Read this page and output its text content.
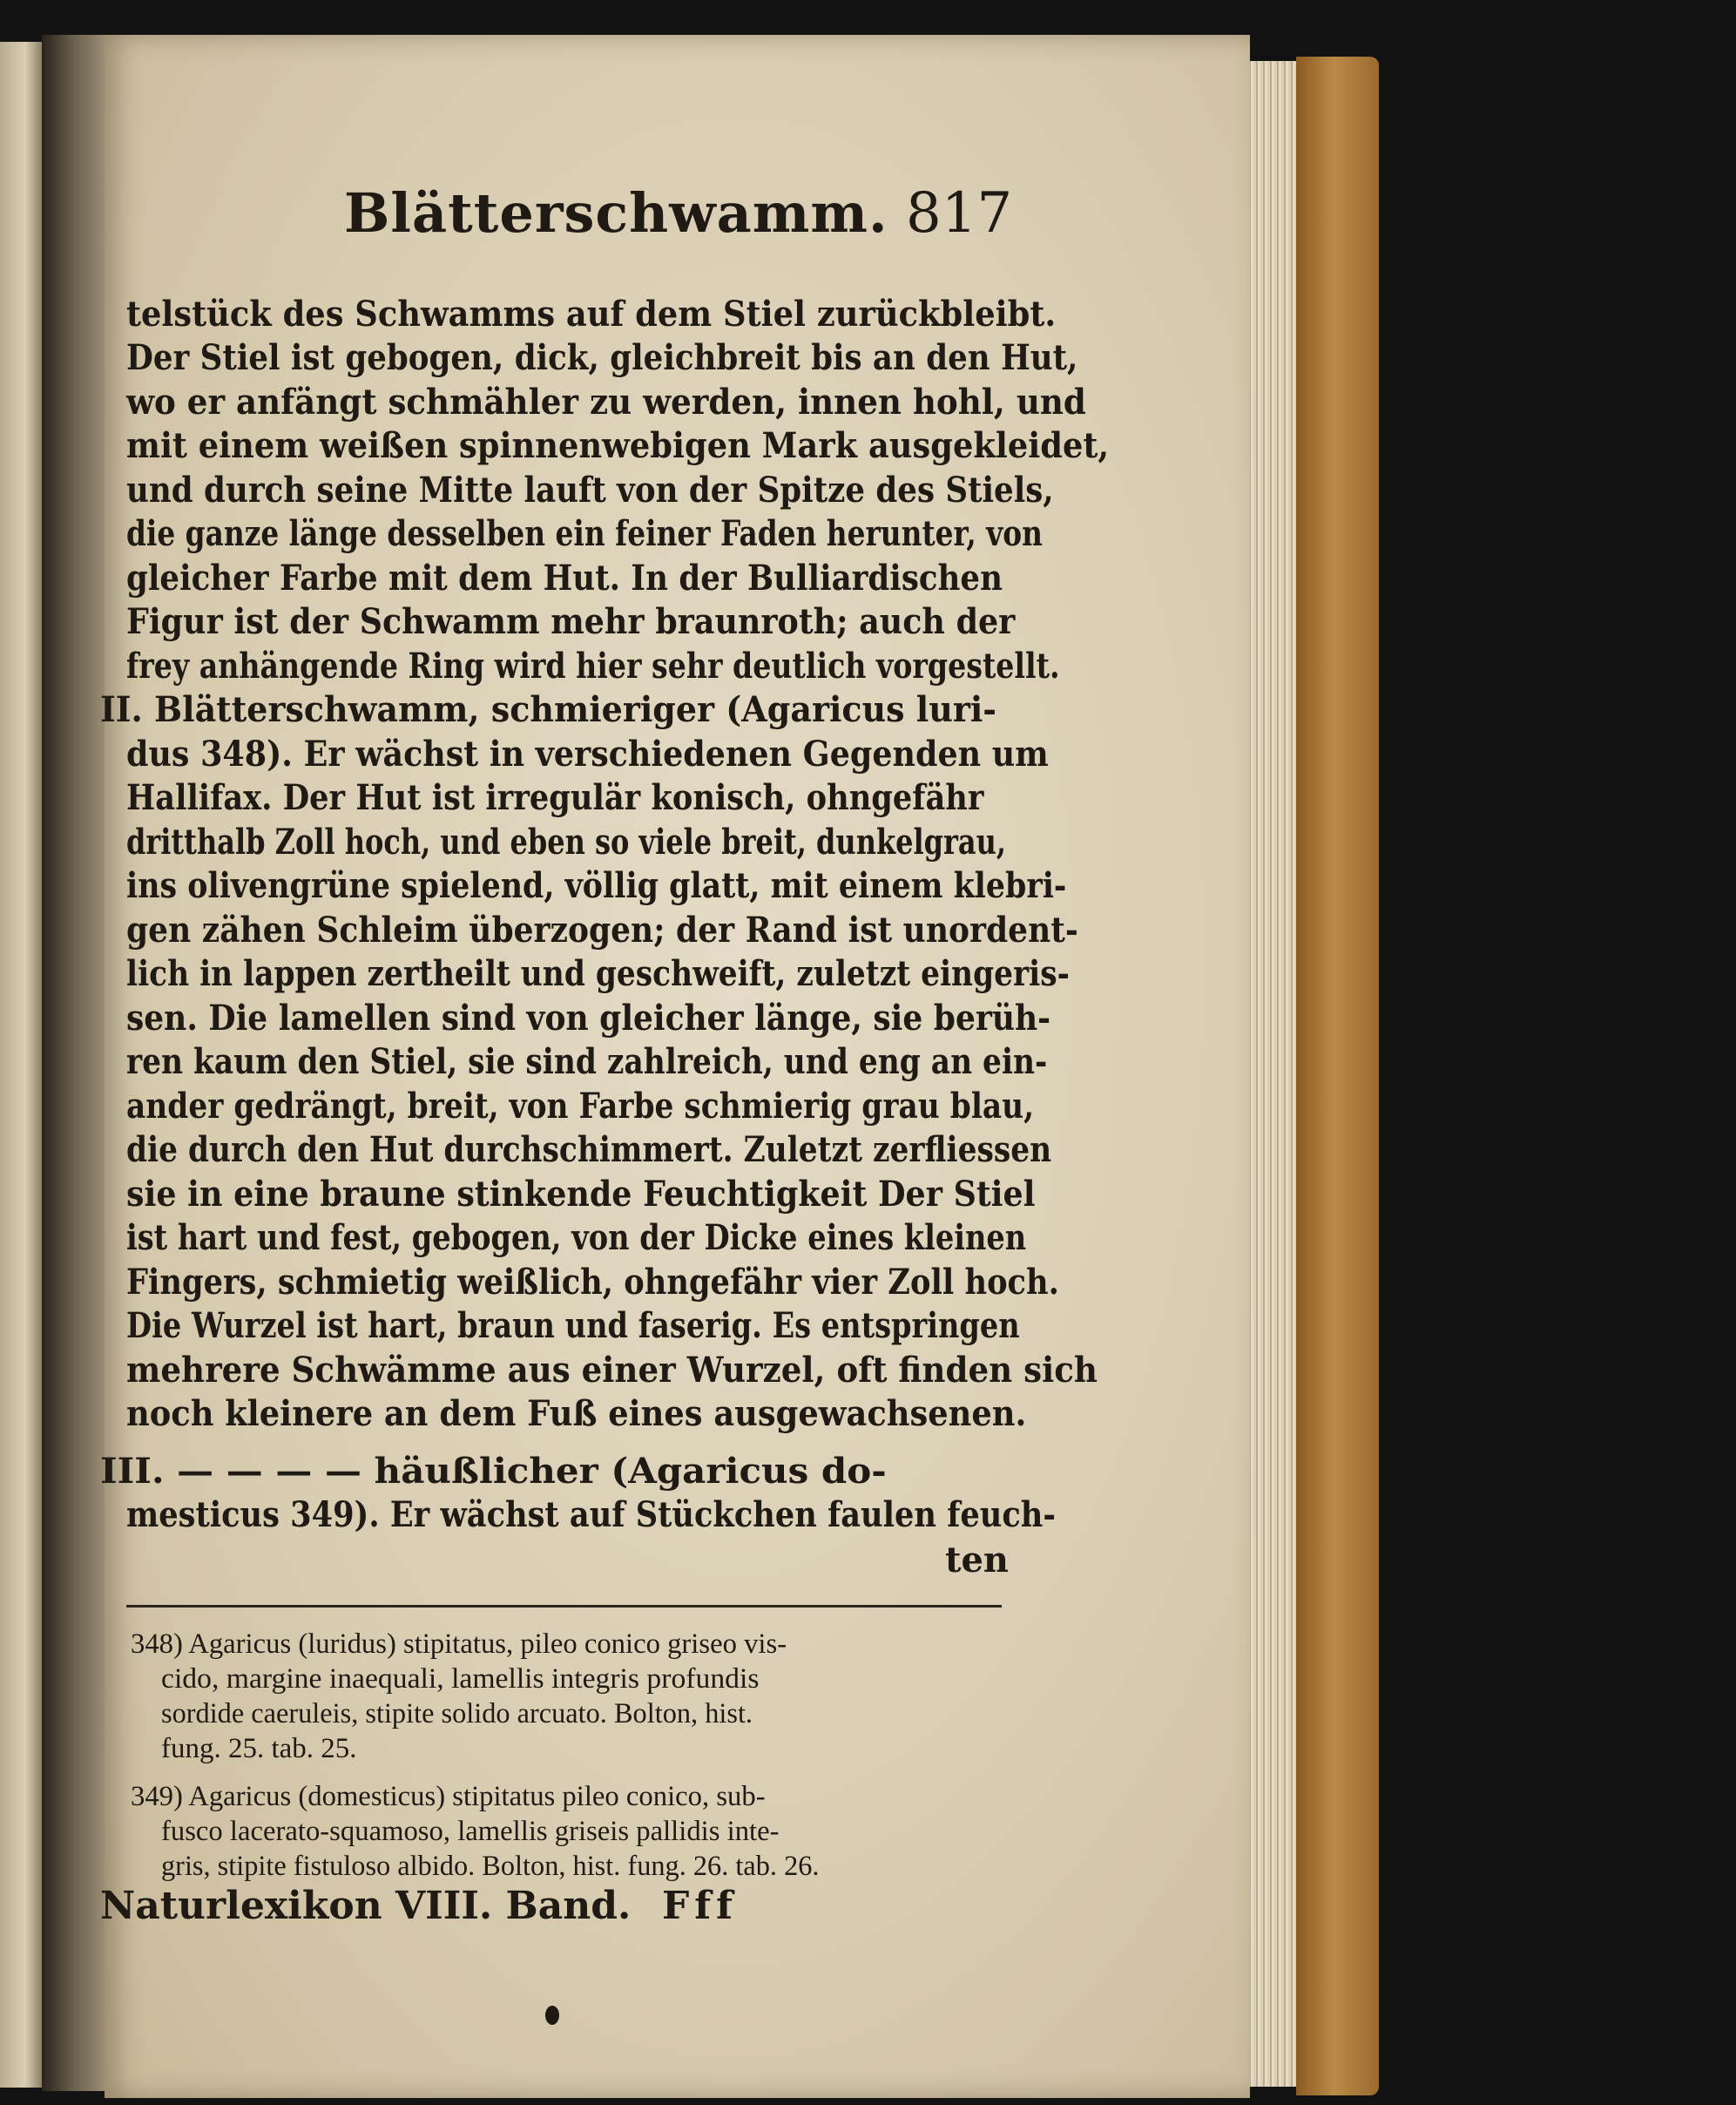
Blätterschwamm. 817

telstück des Schwamms auf dem Stiel zurückbleibt.

Der Stiel ist gebogen, dick, gleichbreit bis an den Hut,

wo er anfängt schmähler zu werden, innen hohl, und

mit einem weißen spinnenwebigen Mark ausgekleidet,

und durch seine Mitte lauft von der Spitze des Stiels,

die ganze länge desselben ein feiner Faden herunter, von

gleicher Farbe mit dem Hut. In der Bulliardischen

Figur ist der Schwamm mehr braunroth; auch der

frey anhängende Ring wird hier sehr deutlich vorgestellt.

II. Blätterschwamm, schmieriger (Agaricus luri-

dus 348). Er wächst in verschiedenen Gegenden um

Hallifax. Der Hut ist irregulär konisch, ohngefähr

dritthalb Zoll hoch, und eben so viele breit, dunkelgrau,

ins olivengrüne spielend, völlig glatt, mit einem klebri-

gen zähen Schleim überzogen; der Rand ist unordent-

lich in lappen zertheilt und geschweift, zuletzt eingeris-

sen. Die lamellen sind von gleicher länge, sie berüh-

ren kaum den Stiel, sie sind zahlreich, und eng an ein-

ander gedrängt, breit, von Farbe schmierig grau blau,

die durch den Hut durchschimmert. Zuletzt zerfliessen

sie in eine braune stinkende Feuchtigkeit Der Stiel

ist hart und fest, gebogen, von der Dicke eines kleinen

Fingers, schmietig weißlich, ohngefähr vier Zoll hoch.

Die Wurzel ist hart, braun und faserig. Es entspringen

mehrere Schwämme aus einer Wurzel, oft finden sich

noch kleinere an dem Fuß eines ausgewachsenen.

III. — — — — häußlicher (Agaricus do-

mesticus 349). Er wächst auf Stückchen faulen feuch-

ten

348) Agaricus (luridus) stipitatus, pileo conico griseo vis-

cido, margine inaequali, lamellis integris profundis

sordide caeruleis, stipite solido arcuato. Bolton, hist.

fung. 25. tab. 25.

349) Agaricus (domesticus) stipitatus pileo conico, sub-

fusco lacerato-squamoso, lamellis griseis pallidis inte-

gris, stipite fistuloso albido. Bolton, hist. fung. 26. tab. 26.

Naturlexikon VIII. Band. Fff
